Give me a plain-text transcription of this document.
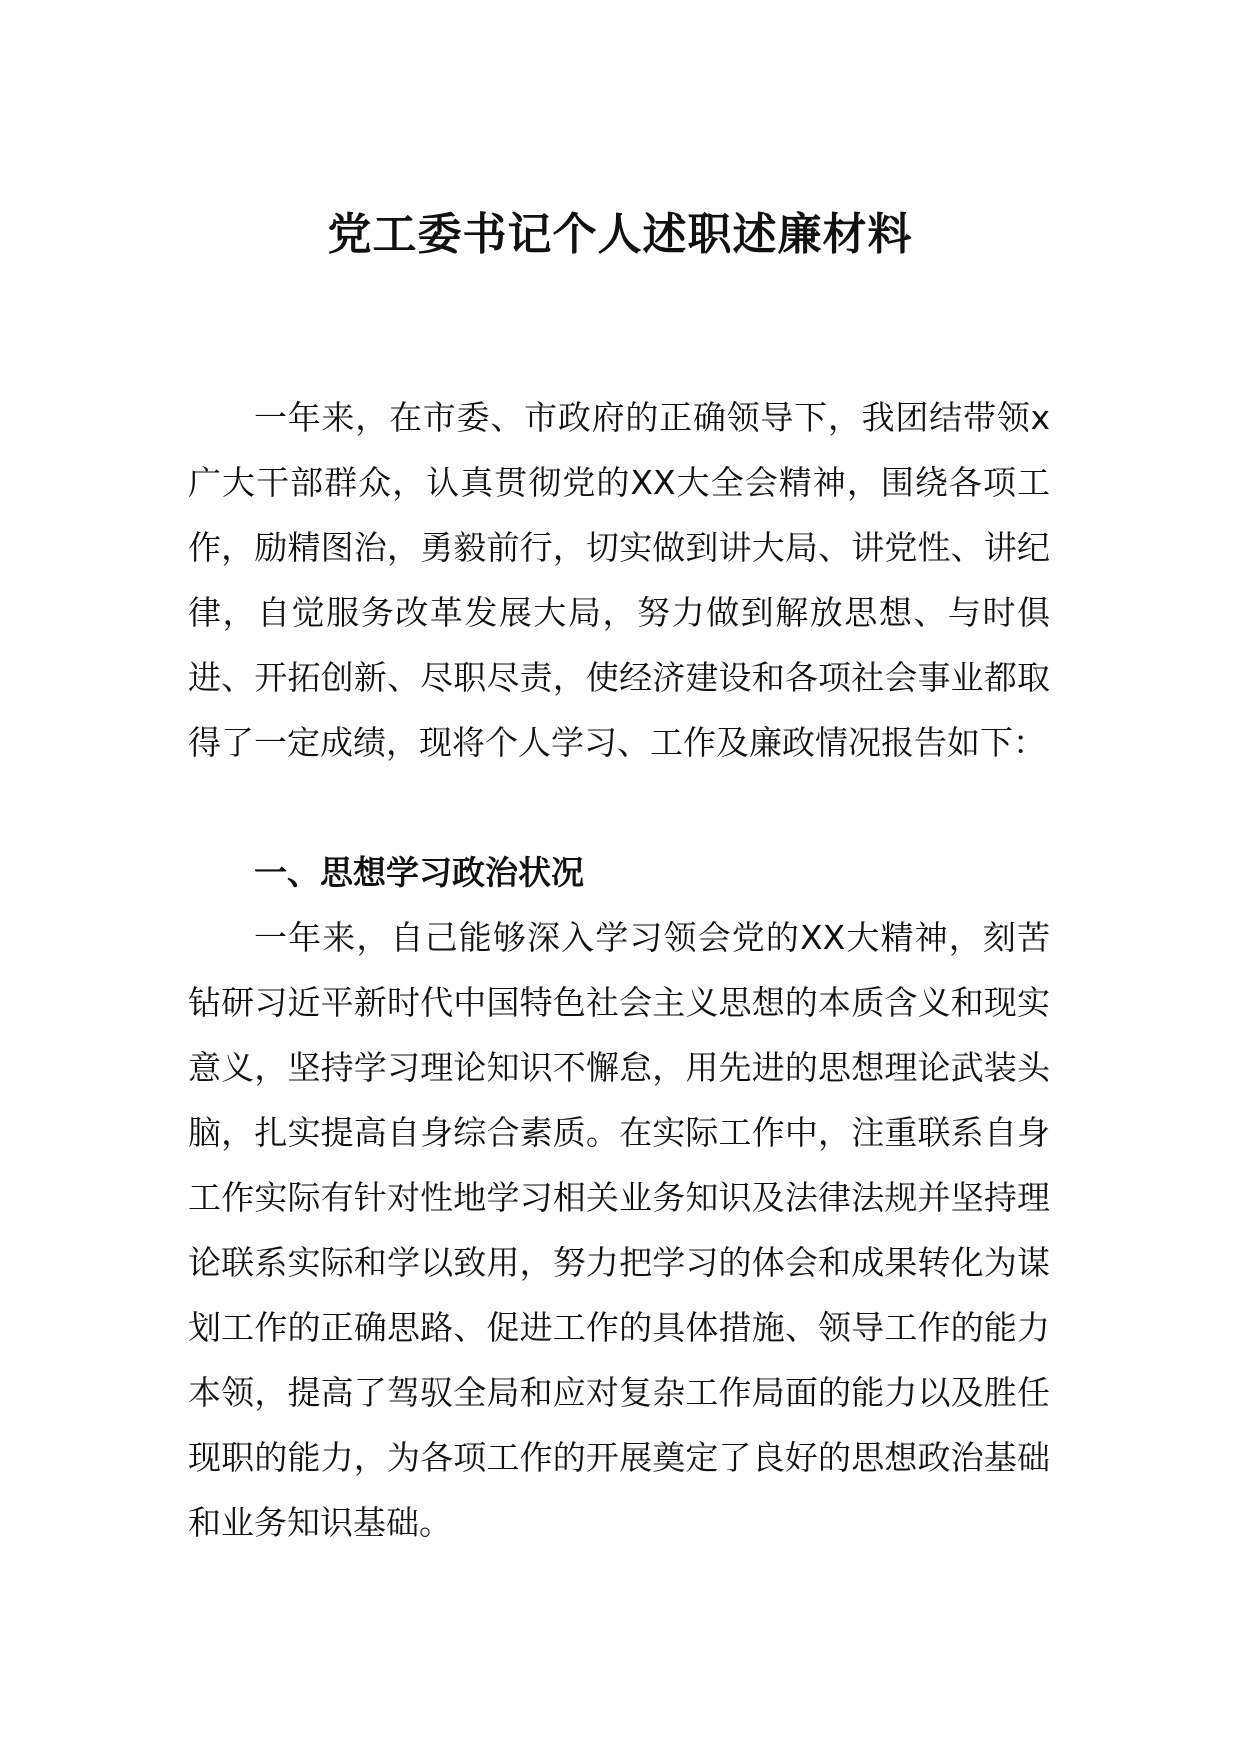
党工委书记个人述职述廉材料

一年来，在市委、市政府的正确领导下，我团结带领x广大干部群众，认真贯彻党的XX大全会精神，围绕各项工作，励精图治，勇毅前行，切实做到讲大局、讲党性、讲纪律，自觉服务改革发展大局，努力做到解放思想、与时俱进、开拓创新、尽职尽责，使经济建设和各项社会事业都取得了一定成绩，现将个人学习、工作及廉政情况报告如下：

一、思想学习政治状况

一年来，自己能够深入学习领会党的XX大精神，刻苦钻研习近平新时代中国特色社会主义思想的本质含义和现实意义，坚持学习理论知识不懈怠，用先进的思想理论武装头脑，扎实提高自身综合素质。在实际工作中，注重联系自身工作实际有针对性地学习相关业务知识及法律法规并坚持理论联系实际和学以致用，努力把学习的体会和成果转化为谋划工作的正确思路、促进工作的具体措施、领导工作的能力本领，提高了驾驭全局和应对复杂工作局面的能力以及胜任现职的能力，为各项工作的开展奠定了良好的思想政治基础和业务知识基础。
